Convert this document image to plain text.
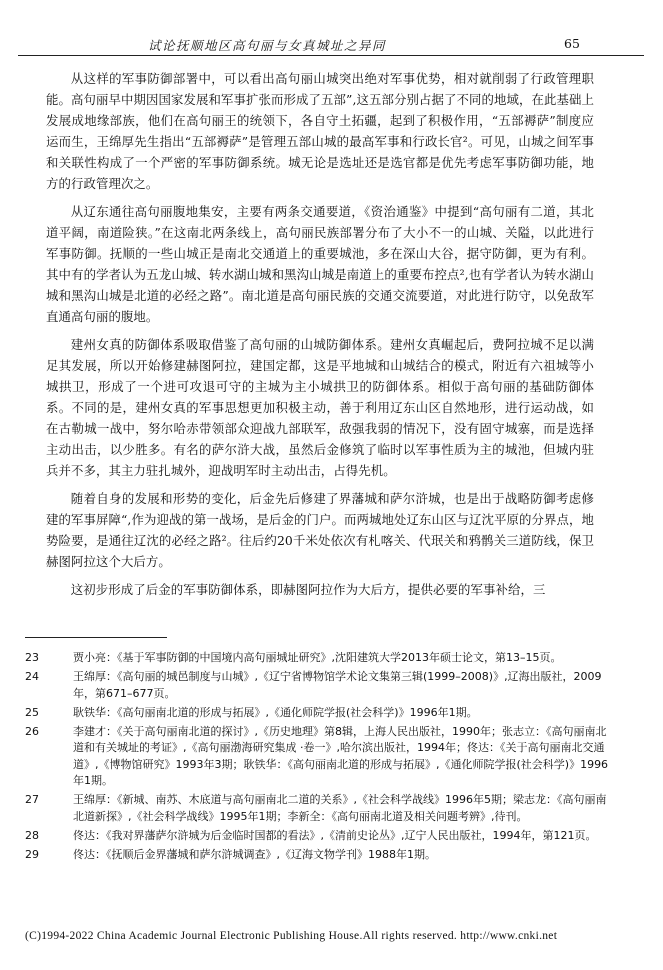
试论抚顺地区高句丽与女真城址之异同	65

从这样的军事防御部署中，可以看出高句丽山城突出绝对军事优势，相对就削弱了行政管理职能。高句丽早中期因国家发展和军事扩张而形成了五部”,这五部分别占据了不同的地域，在此基础上发展成地缘部族，他们在高句丽王的统领下，各自守土拓疆，起到了积极作用，“五部褥萨”制度应运而生，王绵厚先生指出“五部褥萨”是管理五部山城的最高军事和行政长官²。可见，山城之间军事和关联性构成了一个严密的军事防御系统。城无论是选址还是选官都是优先考虑军事防御功能，地方的行政管理次之。

从辽东通往高句丽腹地集安，主要有两条交通要道，《资治通鉴》中提到“高句丽有二道，其北道平阔，南道险狭。”在这南北两条线上，高句丽民族部署分布了大小不一的山城、关隘，以此进行军事防御。抚顺的一些山城正是南北交通道上的重要城池，多在深山大谷，据守防御，更为有利。其中有的学者认为五龙山城、转水湖山城和黑沟山城是南道上的重要布控点²,也有学者认为转水湖山城和黑沟山城是北道的必经之路”。南北道是高句丽民族的交通交流要道，对此进行防守，以免敌军直通高句丽的腹地。

建州女真的防御体系吸取借鉴了高句丽的山城防御体系。建州女真崛起后，费阿拉城不足以满足其发展，所以开始修建赫图阿拉，建国定都，这是平地城和山城结合的模式，附近有六祖城等小城拱卫，形成了一个进可攻退可守的主城为主小城拱卫的防御体系。相似于高句丽的基础防御体系。不同的是，建州女真的军事思想更加积极主动，善于利用辽东山区自然地形，进行运动战，如在古勒城一战中，努尔哈赤带领部众迎战九部联军，敌强我弱的情况下，没有固守城寨，而是选择主动出击，以少胜多。有名的萨尔浒大战，虽然后金修筑了临时以军事性质为主的城池，但城内驻兵并不多，其主力驻扎城外，迎战明军时主动出击，占得先机。

随着自身的发展和形势的变化，后金先后修建了界藩城和萨尔浒城，也是出于战略防御考虑修建的军事屏障“,作为迎战的第一战场，是后金的门户。而两城地处辽东山区与辽沈平原的分界点，地势险要，是通往辽沈的必经之路²。往后约20千米处依次有札喀关、代珉关和鸦鹘关三道防线，保卫赫图阿拉这个大后方。

这初步形成了后金的军事防御体系，即赫图阿拉作为大后方，提供必要的军事补给，三

23	贾小亮：《基于军事防御的中国境内高句丽城址研究》,沈阳建筑大学2013年硕士论文，第13–15页。
24	王绵厚：《高句丽的城邑制度与山城》,《辽宁省博物馆学术论文集第三辑(1999–2008)》,辽海出版社，2009年，第671–677页。
25	耿铁华：《高句丽南北道的形成与拓展》,《通化师院学报(社会科学)》1996年1期。
26	李建才：《关于高句丽南北道的探讨》,《历史地理》第8辑，上海人民出版社，1990年；张志立：《高句丽南北道和有关城址的考证》,《高句丽渤海研究集成 ·卷一》,哈尔滨出版社，1994年；佟达：《关于高句丽南北交通道》,《博物馆研究》1993年3期；耿铁华：《高句丽南北道的形成与拓展》,《通化师院学报(社会科学)》1996年1期。
27	王绵厚：《新城、南苏、木底道与高句丽南北二道的关系》,《社会科学战线》1996年5期；梁志龙：《高句丽南北道新探》,《社会科学战线》1995年1期；李新全：《高句丽南北道及相关问题考辨》,待刊。
28	佟达：《我对界藩萨尔浒城为后金临时国都的看法》,《清前史论丛》,辽宁人民出版社，1994年，第121页。
29	佟达：《抚顺后金界藩城和萨尔浒城调查》,《辽海文物学刊》1988年1期。
(C)1994-2022 China Academic Journal Electronic Publishing House.All rights reserved. http://www.cnki.net
